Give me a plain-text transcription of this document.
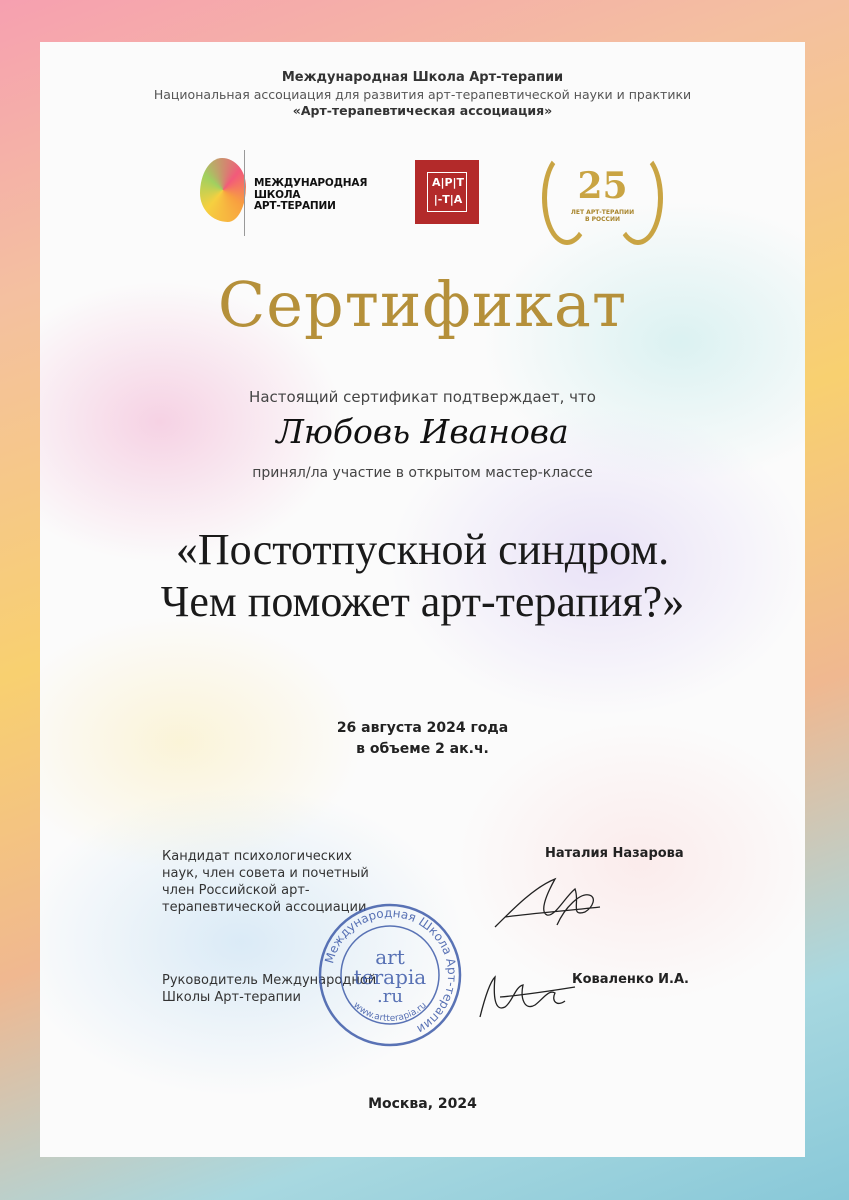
Международная Школа Арт-терапии
Национальная ассоциация для развития арт-терапевтической науки и практики
«Арт-терапевтическая ассоциация»
МЕЖДУНАРОДНАЯ
ШКОЛА
АРТ-ТЕРАПИИ
А|Р|Т
|-Т|А	25
ЛЕТ АРТ-ТЕРАПИИ
В РОССИИ
Сертификат
Настоящий сертификат подтверждает, что
Любовь Иванова
принял/ла участие в открытом мастер-классе
«Постотпускной синдром.
Чем поможет арт-терапия?»
26 августа 2024 года
в объеме 2 ак.ч.
Кандидат психологических наук, член совета и почетный член Российской арт-терапевтической ассоциации
Наталия Назарова
Руководитель Международной Школы Арт-терапии
Коваленко И.А.
Международная Школа Арт-терапии
art
terapia
.ru
www.artterapia.ru
Москва, 2024
